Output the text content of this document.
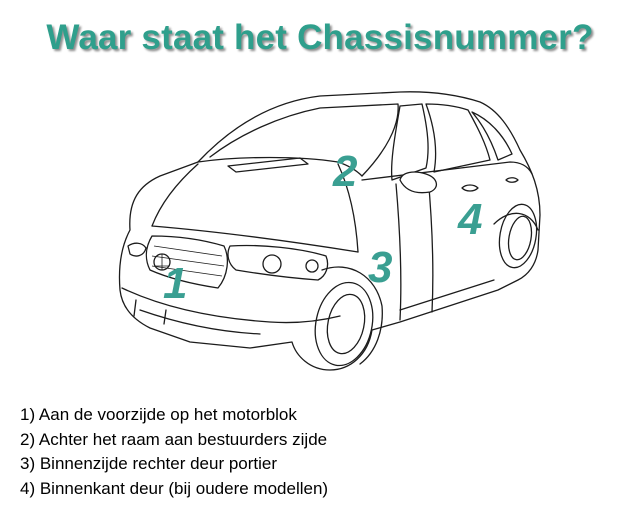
Waar staat het Chassisnummer?
1
2
3
4
1) Aan de voorzijde op het motorblok
2) Achter het raam aan bestuurders zijde
3) Binnenzijde rechter deur portier
4) Binnenkant deur (bij oudere modellen)
